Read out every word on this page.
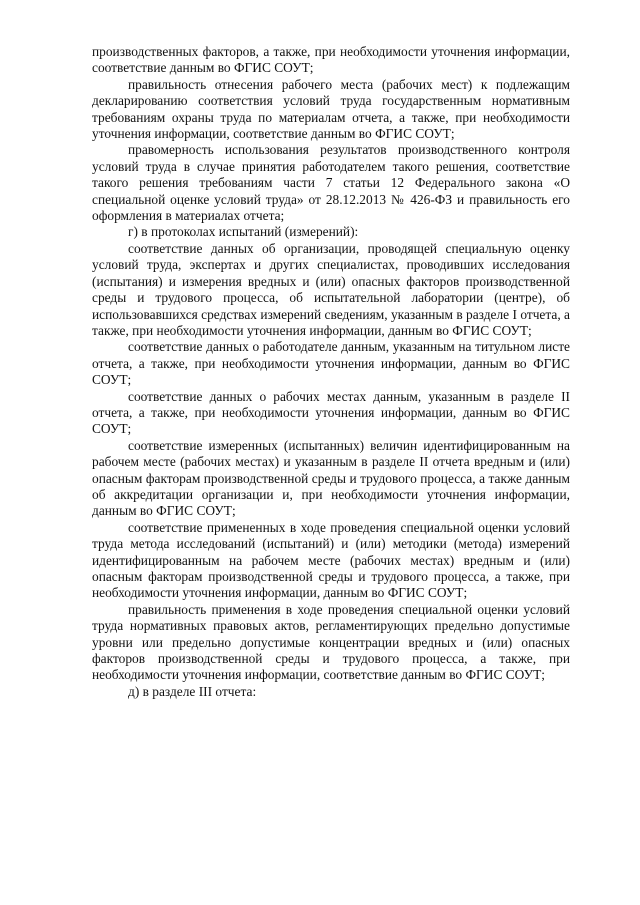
производственных факторов, а также, при необходимости уточнения информации, соответствие данным во ФГИС СОУТ;

правильность отнесения рабочего места (рабочих мест) к подлежащим декларированию соответствия условий труда государственным нормативным требованиям охраны труда по материалам отчета, а также, при необходимости уточнения информации, соответствие данным во ФГИС СОУТ;

правомерность использования результатов производственного контроля условий труда в случае принятия работодателем такого решения, соответствие такого решения требованиям части 7 статьи 12 Федерального закона «О специальной оценке условий труда» от 28.12.2013 № 426-ФЗ и правильность его оформления в материалах отчета;

г) в протоколах испытаний (измерений):

соответствие данных об организации, проводящей специальную оценку условий труда, экспертах и других специалистах, проводивших исследования (испытания) и измерения вредных и (или) опасных факторов производственной среды и трудового процесса, об испытательной лаборатории (центре), об использовавшихся средствах измерений сведениям, указанным в разделе I отчета, а также, при необходимости уточнения информации, данным во ФГИС СОУТ;

соответствие данных о работодателе данным, указанным на титульном листе отчета, а также, при необходимости уточнения информации, данным во ФГИС СОУТ;

соответствие данных о рабочих местах данным, указанным в разделе II отчета, а также, при необходимости уточнения информации, данным во ФГИС СОУТ;

соответствие измеренных (испытанных) величин идентифицированным на рабочем месте (рабочих местах) и указанным в разделе II отчета вредным и (или) опасным факторам производственной среды и трудового процесса, а также данным об аккредитации организации и, при необходимости уточнения информации, данным во ФГИС СОУТ;

соответствие примененных в ходе проведения специальной оценки условий труда метода исследований (испытаний) и (или) методики (метода) измерений идентифицированным на рабочем месте (рабочих местах) вредным и (или) опасным факторам производственной среды и трудового процесса, а также, при необходимости уточнения информации, данным во ФГИС СОУТ;

правильность применения в ходе проведения специальной оценки условий труда нормативных правовых актов, регламентирующих предельно допустимые уровни или предельно допустимые концентрации вредных и (или) опасных факторов производственной среды и трудового процесса, а также, при необходимости уточнения информации, соответствие данным во ФГИС СОУТ;

д) в разделе III отчета:
